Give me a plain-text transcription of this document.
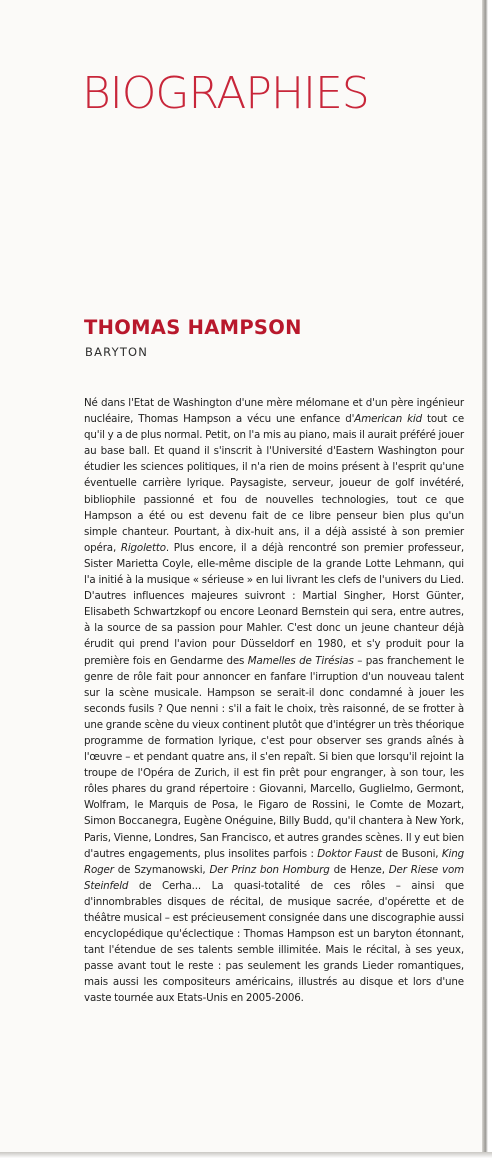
BIOGRAPHIES
THOMAS HAMPSON

BARYTON

Né dans l'Etat de Washington d'une mère mélomane et d'un père ingénieur nucléaire, Thomas Hampson a vécu une enfance d'American kid tout ce qu'il y a de plus normal. Petit, on l'a mis au piano, mais il aurait préféré jouer au base ball. Et quand il s'inscrit à l'Université d'Eastern Washington pour étudier les sciences politiques, il n'a rien de moins présent à l'esprit qu'une éventuelle carrière lyrique. Paysagiste, serveur, joueur de golf invétéré, bibliophile passionné et fou de nouvelles technologies, tout ce que Hampson a été ou est devenu fait de ce libre penseur bien plus qu'un simple chanteur. Pourtant, à dix-huit ans, il a déjà assisté à son premier opéra, Rigoletto. Plus encore, il a déjà rencontré son premier professeur, Sister Marietta Coyle, elle-même disciple de la grande Lotte Lehmann, qui l'a initié à la musique « sérieuse » en lui livrant les clefs de l'univers du Lied. D'autres influences majeures suivront : Martial Singher, Horst Günter, Elisabeth Schwartzkopf ou encore Leonard Bernstein qui sera, entre autres, à la source de sa passion pour Mahler. C'est donc un jeune chanteur déjà érudit qui prend l'avion pour Düsseldorf en 1980, et s'y produit pour la première fois en Gendarme des Mamelles de Tirésias – pas franchement le genre de rôle fait pour annoncer en fanfare l'irruption d'un nouveau talent sur la scène musicale. Hampson se serait-il donc condamné à jouer les seconds fusils ? Que nenni : s'il a fait le choix, très raisonné, de se frotter à une grande scène du vieux continent plutôt que d'intégrer un très théorique programme de formation lyrique, c'est pour observer ses grands aînés à l'œuvre – et pendant quatre ans, il s'en repaît. Si bien que lorsqu'il rejoint la troupe de l'Opéra de Zurich, il est fin prêt pour engranger, à son tour, les rôles phares du grand répertoire : Giovanni, Marcello, Guglielmo, Germont, Wolfram, le Marquis de Posa, le Figaro de Rossini, le Comte de Mozart, Simon Boccanegra, Eugène Onéguine, Billy Budd, qu'il chantera à New York, Paris, Vienne, Londres, San Francisco, et autres grandes scènes. Il y eut bien d'autres engagements, plus insolites parfois : Doktor Faust de Busoni, King Roger de Szymanowski, Der Prinz bon Homburg de Henze, Der Riese vom Steinfeld de Cerha... La quasi-totalité de ces rôles – ainsi que d'innombrables disques de récital, de musique sacrée, d'opérette et de théâtre musical – est précieusement consignée dans une discographie aussi encyclopédique qu'éclectique : Thomas Hampson est un baryton étonnant, tant l'étendue de ses talents semble illimitée. Mais le récital, à ses yeux, passe avant tout le reste : pas seulement les grands Lieder romantiques, mais aussi les compositeurs américains, illustrés au disque et lors d'une vaste tournée aux Etats-Unis en 2005-2006.
